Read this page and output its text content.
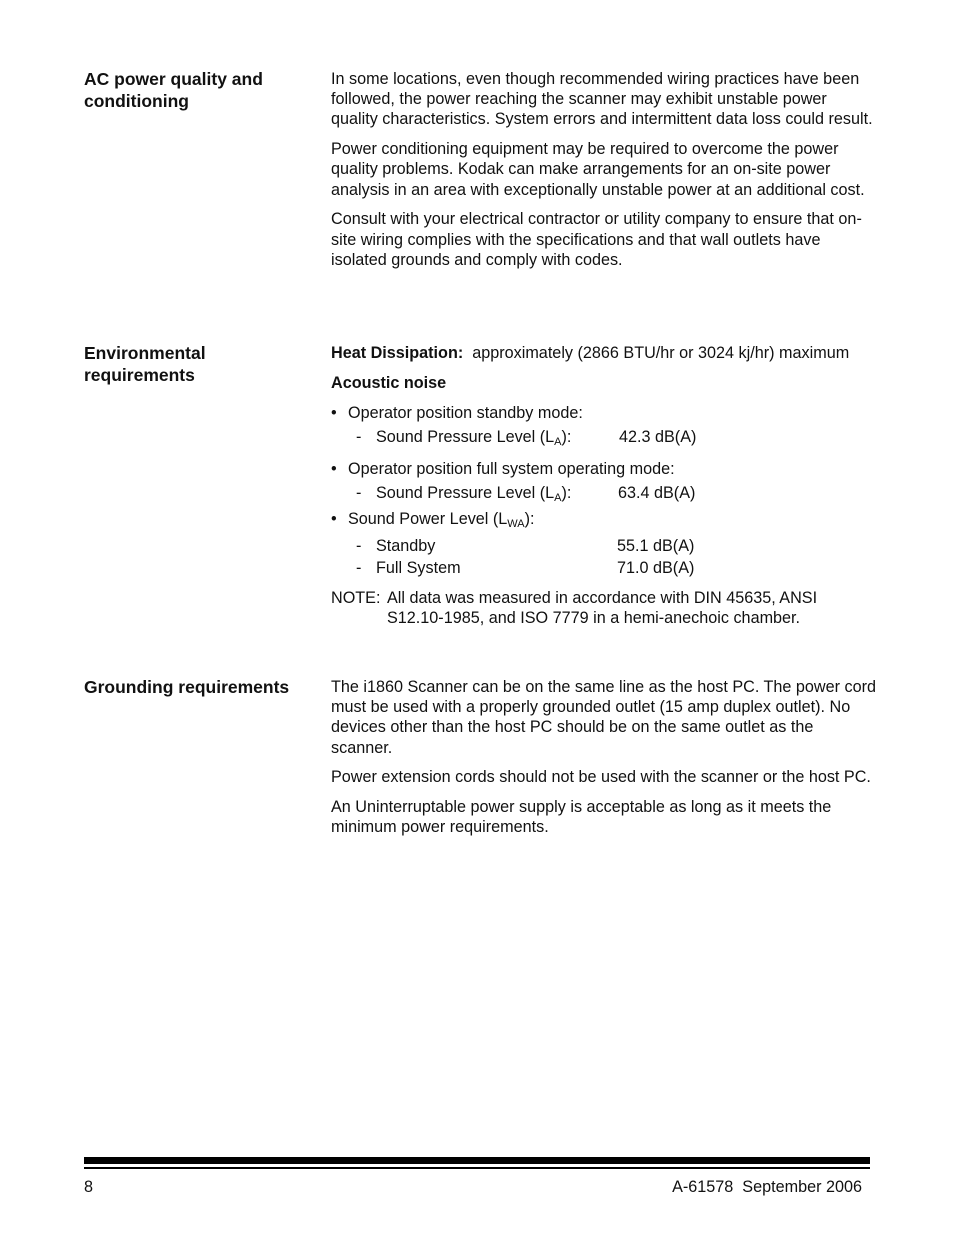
AC power quality and conditioning

In some locations, even though recommended wiring practices have been followed, the power reaching the scanner may exhibit unstable power quality characteristics. System errors and intermittent data loss could result.

Power conditioning equipment may be required to overcome the power quality problems. Kodak can make arrangements for an on-site power analysis in an area with exceptionally unstable power at an additional cost.

Consult with your electrical contractor or utility company to ensure that on-site wiring complies with the specifications and that wall outlets have isolated grounds and comply with codes.

Environmental requirements

Heat Dissipation: approximately (2866 BTU/hr or 3024 kj/hr) maximum

Acoustic noise

• Operator position standby mode:
- Sound Pressure Level $(L_A)$:	42.3 dB(A)
• Operator position full system operating mode:
- Sound Pressure Level $(L_A)$:	63.4 dB(A)
• Sound Power Level $(L_{WA})$:
- Standby	55.1 dB(A)
- Full System	71.0 dB(A)
NOTE: All data was measured in accordance with DIN 45635, ANSI S12.10-1985, and ISO 7779 in a hemi-anechoic chamber.
Grounding requirements	The i1860 Scanner can be on the same line as the host PC. The power cord must be used with a properly grounded outlet (15 amp duplex outlet). No devices other than the host PC should be on the same outlet as the scanner.

Power extension cords should not be used with the scanner or the host PC.

An Uninterruptable power supply is acceptable as long as it meets the minimum power requirements.

8	A-61578  September 2006
